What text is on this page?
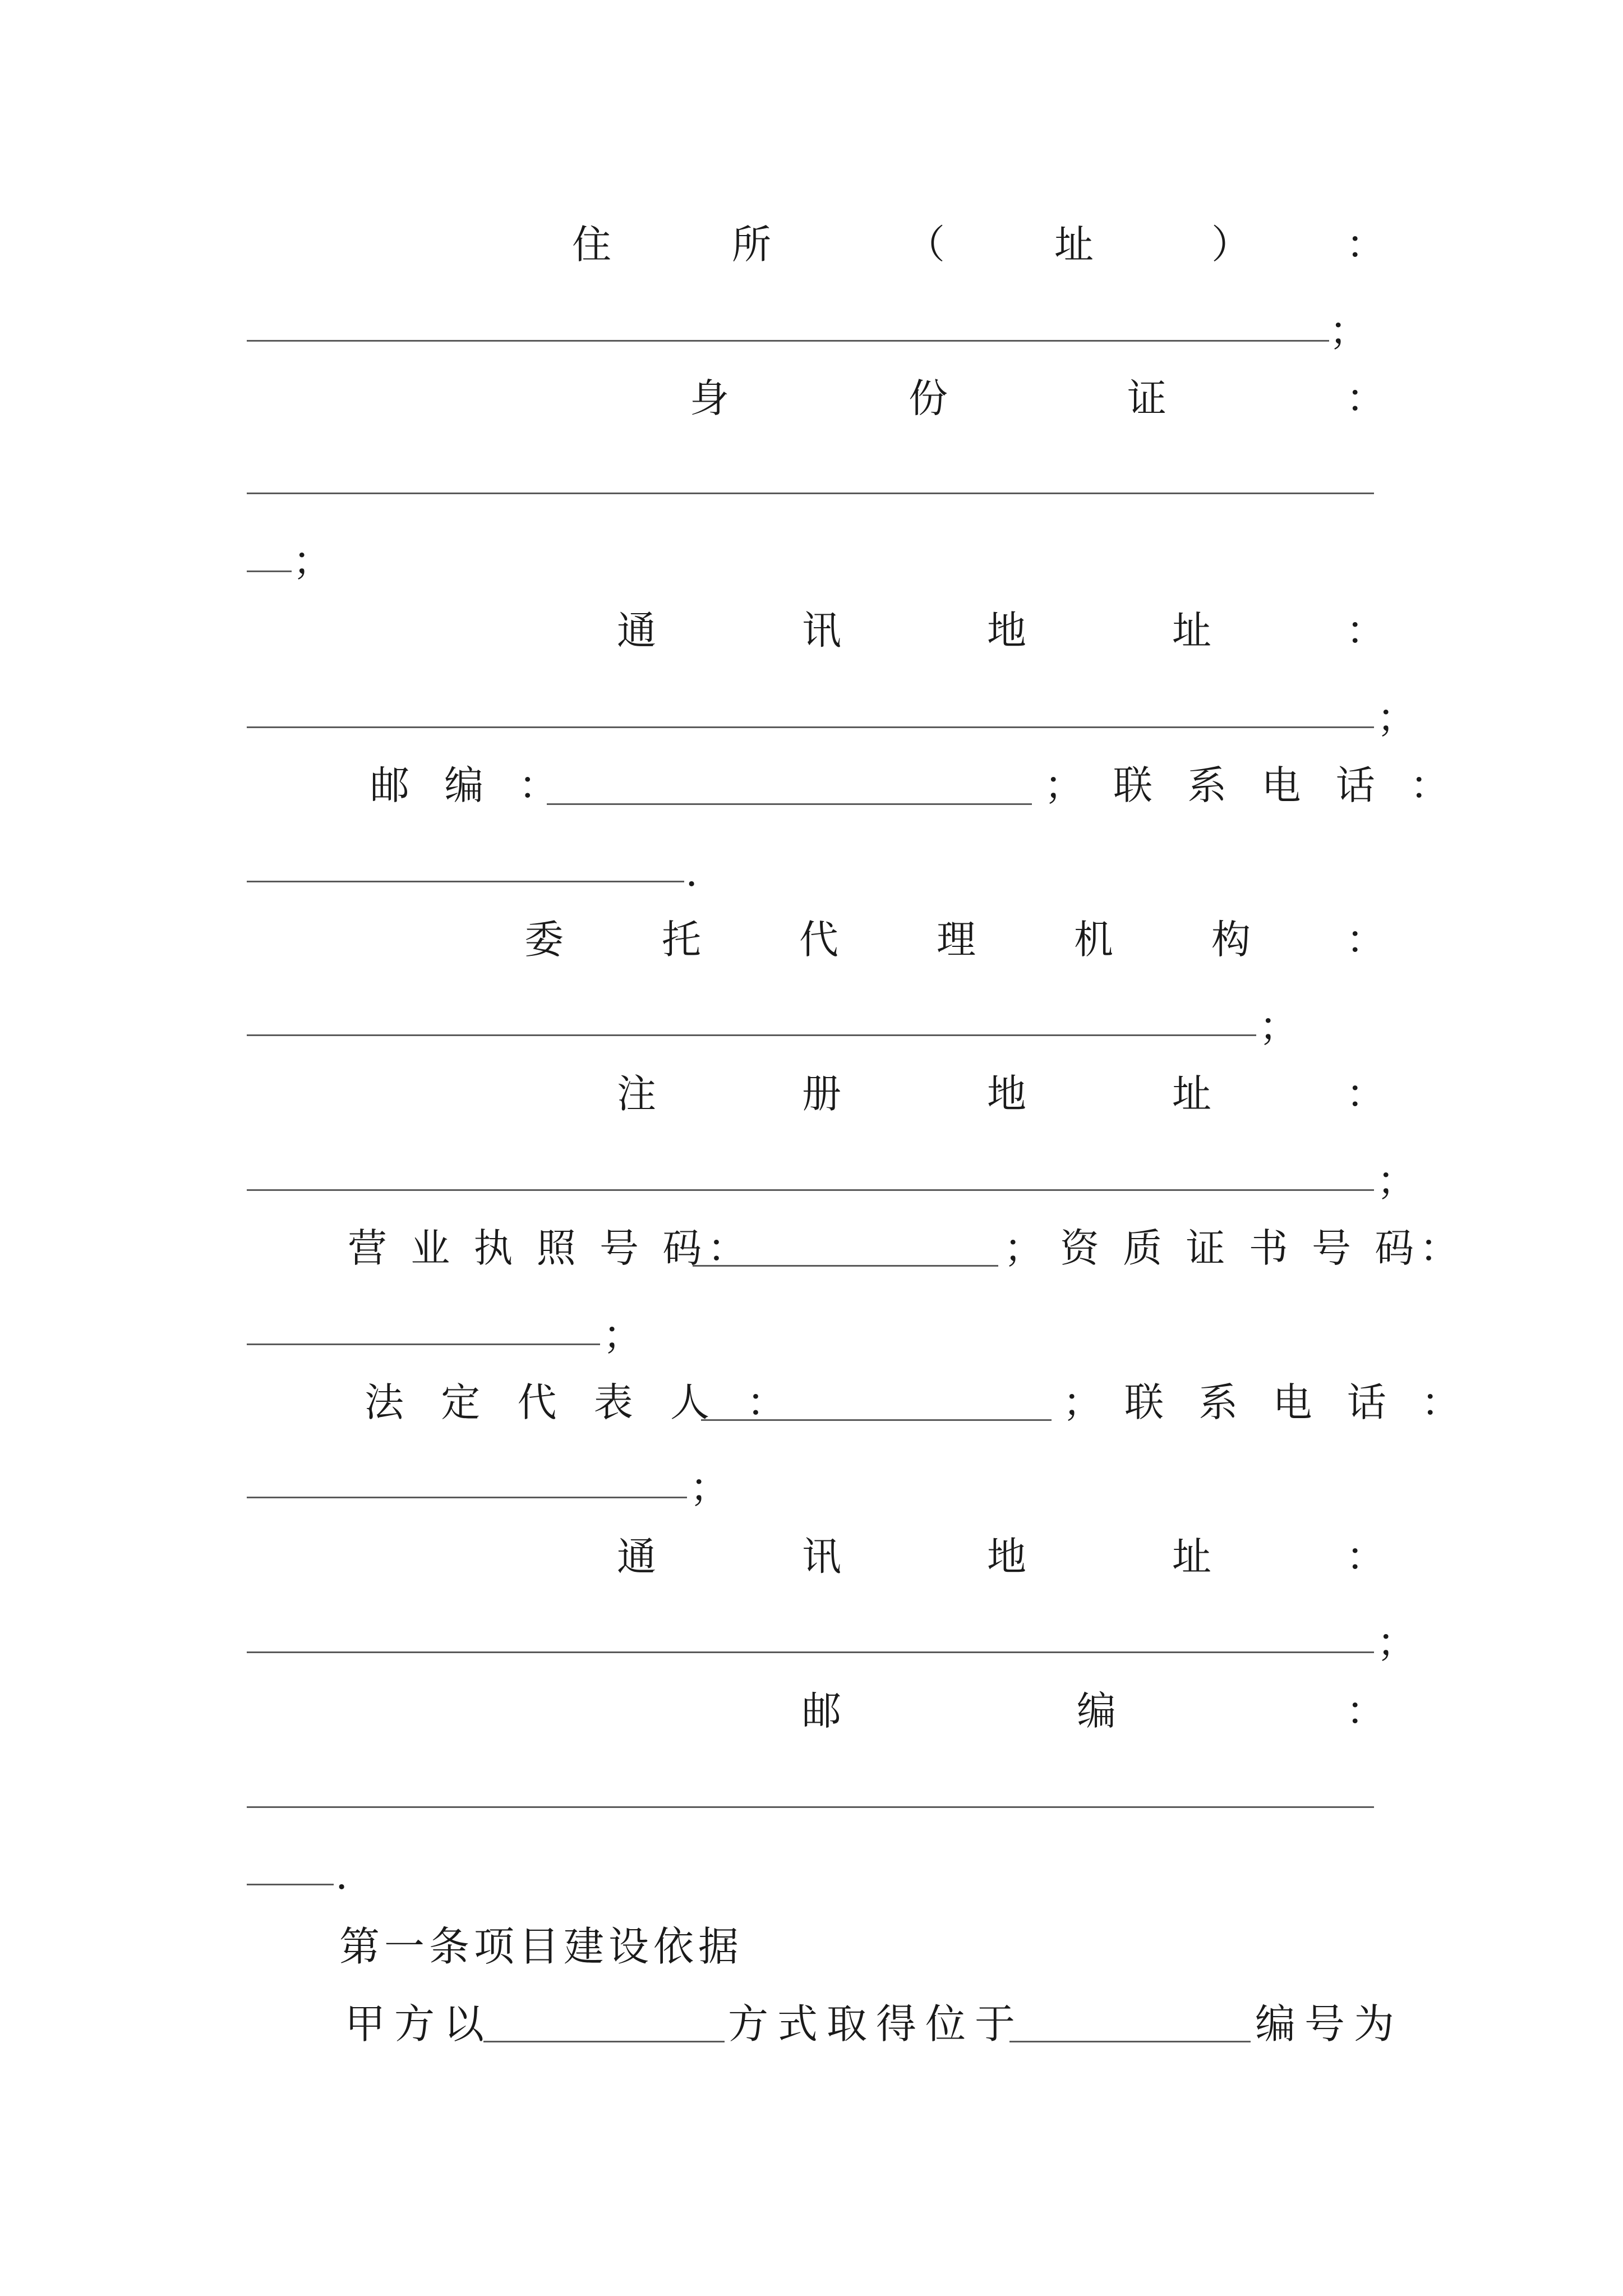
住	所	（	址	） ：
；
身	份	证	：
；
通	讯	地	址	：
；
邮 编 ：	； 联 系 电 话 ：
.
委	托	代	理	机	构 ：
；
注	册	地	址	：
；
营 业 执 照 号 码：	； 资 质 证 书 号 码：
；
法 定 代 表 人 ：	； 联 系 电 话 ：
；
通	讯	地	址	：
；
邮	编	：
.
第一条项目建设依据
甲方以	方式取得位于	编号为
